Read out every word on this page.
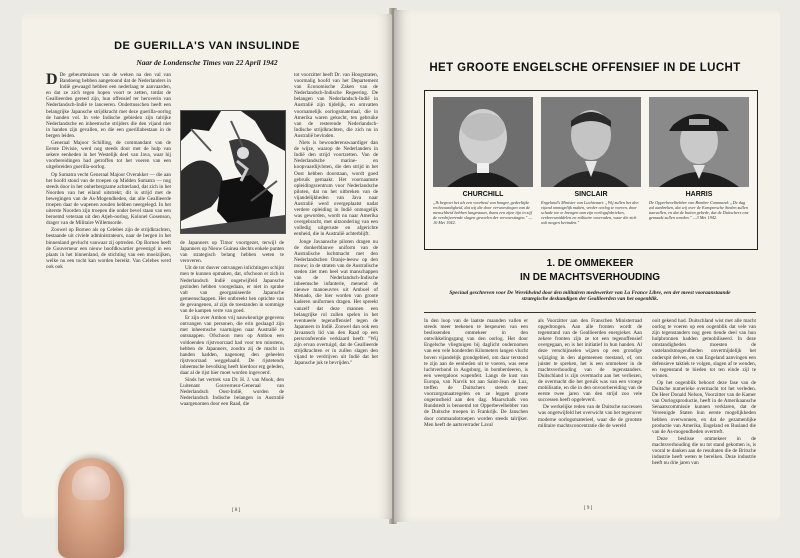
DE GUERILLA'S VAN INSULINDE
Naar de Londensche Times van 22 April 1942

D De gebeurtenissen van de weken na den val van Bandoeng hebben aangetoond dat de Nederlanders in Indië gewaagd hebben een nederlaag te aanvaarden, en dat ze zich tegen hopen voort te zetten, totdat de Geallieerden gereed zijn, hun offensief ter heroverin van Nederlandsch-Indië te lanceeren. Ondertusschen heeft een belangrijke Japansche strijdkracht met deze guerilla-oorlog de handen vol. In vele Indische gebieden zijn talrijke Nederlandsche en inheemsche strijders die den vijand niet in handen zijn gevallen, en die een guerillabestaan in de bergen leiden.

Generaal Majoor Schilling, de commandant van de Eerste Divisie, werd nog steeds door met de hulp van sekere eenheden in het Westelijk deel van Java, waar hij voorbereidingen had getroffen tot het voeren van een uitgebreiden guerilla-oorlog.

Op Sumatra vecht Generaal Majoor Overakker — die aan het hoofd stond van de troepen op Midden Sumatra — nog steeds door in het onherbergzame achterland, dat zich in het Noorden van het eiland uitstrekt; dit is strijd met de bewegingen van de As-Mogendheden, dat alle Geallieerde troepen daar de wapenen zouden hebben neergelegd. In het uiterste Noorden zijn troepen die onder bevel staan van een beroemd veteraan uit den Atjeh-oorlog, Kolonel Gosenson, drager van de Militaire Willemsorde.

Zoowel op Borneo als op Celebes zijn de strijdkrachten, bestaande uit civiele administrateurs, naar de bergen in het binnenland gevlucht vanwaar zij optreden. Op Borneo heeft de Gouverneur een nieuw hoofdkwartier gevestigd in een plaats in het binnenland, de stichting van een moeizijken, welke nu een tocht kan worden bereikt. Van Celebes werd ook ook

de Japanners op Timor voortgezet, terwijl de Japanners op Nieuw Guinea slechts enkele punten van strategisch belang hebben weten te veroveren.

Uit de tot dusver ontvangen inlichtingen schijnt men te kunnen opmaken, dat, ofschoon er zich in Nederlandsch Indië ongetwijfeld Japansche gezinden hebben voorgedaan, er niet in sprake valt van georganiseerde Japansche gemeenschappen. Het ontbreekt hen optichte van de gevangenen, al zijn de toestanden in sommige van de kampen verre van goed.

Er zijn over Ambon vrij nauwkeurige gegevens ontvangen van personen, die erin geslaagd zijn met inheemsche vaartuigen naar Australië te ontsnappen. Ofschoon men op Ambon een voldoenden rijstvoorraad had voor ten minstens, hebben de Japanners, zoodra zij de macht in handen hadden, nagenoeg den geheelen rijstvoorraad weggehaald. De rijstetende inheemsche bevolking heeft hierdoor erg geleden, daar al de rijst hier moet worden ingevoerd.

Sinds het vertrek van Dr. H. J. van Mook, den Luitenant Gouverneur-Generaal van Nederlandsch Oost-Indië, worden de Nederlandsch Indische belangen in Australië waargenomen door een Raad, die

tot voorzitter heeft Dr. van Hoogstraten, voormalig hoofd van het Departement van Economische Zaken van de Nederlandsch-Indische Regeering. De belangen van Nederlandsch-Indië in Australië zijn tijdelijk, en omvatten voornamelijk oorlogsmateriaal, die in Amerika waren gekocht, ten gebruike van de resterende Nederlandsch-Indische strijdkrachten, die zich nu in Australië bevinden.

Niets is bewonderenswaardiger dan de wijze, waarop de Nederlanders in Indië den strijd voortzetten. Van de Nederlandsche marine- en koopvaardijvloten, die den strijd in het Oost hebben doorstaan, wordt goed gebruik gemaakt. Het voornaamste opleidingscentrum voor Nederlandsche piloten, dat nu het uitbreken van de vijandelijkheden van Java naar Australië werd overgeplaatst nadat verdere opleiding in Indië onmogelijk was geworden, wordt nu naar Amerika overgebracht, met uitzondering van een volledig uitgeruste en afgerichte eenheid, die in Australië achterblijft.

Jonge Javaansche piloten dragen nu de donkerblauwe uniform van de Australische luchtmacht met den Nederlandschen Oranje-leeuw op den mouw; in de straten van de Australische steden ziet men heel wat manschappen van de Nederlandsch-Indische inheemsche infanterie, menend de nieuwe manoeuvres uit Amboel of Menado, die hier worden van groote kaderen uniformen dragen. Het spreekt vanzelf dat deze mannen een belangrijke rol zullen spelen in het eventueele tegenoffensief tegen de Japanners in Indië. Zoowel dan ook een Javaansch lid van den Raad op een persconferentie verklaard heeft: "Wij zijn ervan overtuigd, dat de Geallieerde strijdkrachten er in zullen slagen den vijand te verdrijven uit Indië dat het Japansche juk te bevrijden."

[ 8 ]
HET GROOTE ENGELSCHE OFFENSIEF IN DE LUCHT
CHURCHILL	SINCLAIR	HARRIS
„Ik begroet het als een voorheul van honger, gedeeltijke rechtvaardigheid, dat wij die door verwoestingen van de menschheid hebben langestaan, thans een zijne tijn in zijf de verdrijverende slagen gevoelen der verwoestingen." —10 Mei 1942.
Engeland's Minister van Luchtvaart: „Wij zullen het den vijand onmogelijk maken, verder oorlog te voeren, door schade toe te brengen aan zijn oorlogsfabrieken, verkeersmiddelen en militaire voorraden, waar die zich ook mogen bevinden."
De Opperbevelhebber van Bomber Command: „De dag zal aanbreken, dat wij over de Europeesche Steden zullen aanvallen, en dat de buiten gebede, dat de Duitschers ons gemaakt zullen worden." —3 Mei 1942.
1. DE OMMEKEER
IN DE MACHTSVERHOUDING
Speciaal geschreven voor De Wereldwind door den militairen medewerker van La France Libre, een der meest vooraanstaande strategische deskundigen der Geallieerden van het oogenblik.

In den loop van de laatste maanden vallen er steeds meer teekenen te bespeuren van een beslissenden ommekeer in den ontwikkelingsgang van den oorlog. Het door Engelsche vliegtuigen bij daglicht ondernomen van een vele honderden Kilometers langen vlucht boven vijandelijk grondgebied, om daar terstond te zijn aan de eenheden uit te voeren, was eene luchtverbond in Augsburg, in bomberdeeren, is een weergaloos wapenfeit. Langs de kust van Europa, van Narvik tot aan Saint-Jean de Luz, treffen de Duitschers steeds meer voorzorgsmaatregelen en ze leggen groote ongerustheid aan den dag. Maarschalk von Rundstedt is benoemd tot Opperbevelhebber van de Duitsche troepen in Frankrijk. De Janschen door commandotroepen worden steeds talrijker. Men heeft de aartsverrader Laval

als Voorzitter aan den Franschen Ministerraad opgedrongen. Aan alle fronten wordt de tegenstand van de Geallieerden energieker. Aan zekere fronten zijn ze tot een tegenoffensief overgegaan, en is het initiatief in hun handen. Al deze verschijnselen wijzen op een grondige wijziging in den algemeenen toestand, of, om juister te spreken, het is een ommekeer in de machtsverhouding van de tegenstanders. Duitschland is zijn overmacht aan het verliezen, de overmacht die het geruik was van een vroege mobilisatie, en die in den onvoorbereiding van de eerste twee jaren van den strijd zoo vele successen heeft opgeleverd.

De werkelijke reden van de Duitsche successen was ongetwijfeld het overwicht van het tegenover moderne oorlogsmaterieel, waar die de grootste militaire machtsconcentratie die de wereld

ooit gekend had. Duitschland wist met alle macht oorlog te voeren op een oogenblik dat vele van zijn tegenstanders nog geen tiende deel van hun hulpbronnen hadden gemobiliseerd. In deze omstandigheden moesten de vastelandsmogendheden onvermijdelijk het onderspit delven, en van Engeland aanvingen een defensieve taktiek te volgen, slagen af te wenden, en tegenstand te bieden tot ten einde zijl te winnen.

Op het oogenblik behoort deze fase van de Duitsche numerieke overmacht tot het verleden. De Heer Donald Nelson, Voorzitter van de Kamer van Oorlogsproductie, heeft in de Amerikaansche Senaatscommissie kunnen verklaren, dat de Vereenigde Staten hun eerste mogelijkheden hebben overwonnen, en dat de gezamenlijke productie van Amerika, Engeland en Rusland die van de As-mogendheden overtreft.

Deze beslisse ommekeer in de machtsverhouding die nu tot stand gekomen is, is vooral te danken aan de resultaten die de Britsche industrie heeft weten te bereiken. Deze industrie heeft nu drie jaren van

[ 9 ]
